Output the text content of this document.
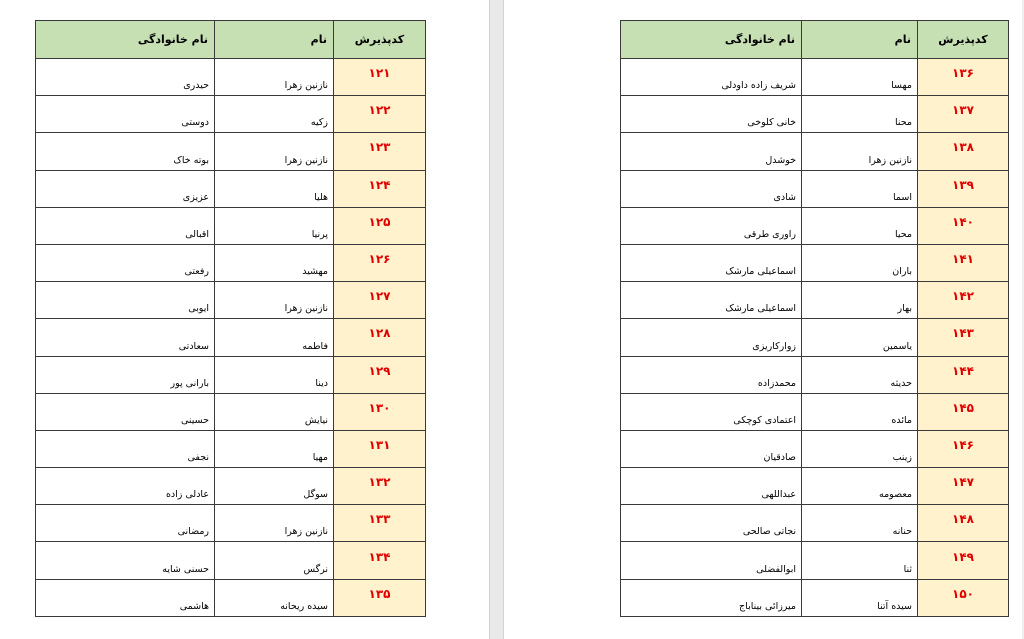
کدپذیرش	نام	نام خانوادگی
۱۲۱	نازنین زهرا	حیدری
۱۲۲	زکیه	دوستی
۱۲۳	نازنین زهرا	بوته خاک
۱۲۴	هلیا	عزیزی
۱۲۵	پرنیا	اقبالی
۱۲۶	مهشید	رفعتی
۱۲۷	نازنین زهرا	ایوبی
۱۲۸	فاطمه	سعادتی
۱۲۹	دینا	بارانی پور
۱۳۰	نیایش	حسینی
۱۳۱	مهیا	نجفی
۱۳۲	سوگل	عادلی زاده
۱۳۳	نازنین زهرا	رمضانی
۱۳۴	نرگس	حسنی شایه
۱۳۵	سیده ریحانه	هاشمی
کدپذیرش	نام	نام خانوادگی
۱۳۶	مهسا	شریف زاده داودلی
۱۳۷	محنا	خانی کلوخی
۱۳۸	نازنین زهرا	خوشدل
۱۳۹	اسما	شادی
۱۴۰	محیا	راوری طرقی
۱۴۱	باران	اسماعیلی مارشک
۱۴۲	بهار	اسماعیلی مارشک
۱۴۳	یاسمین	زوارکاریزی
۱۴۴	حدیثه	محمدزاده
۱۴۵	مائده	اعتمادی کوچکی
۱۴۶	زینب	صادقیان
۱۴۷	معصومه	عبداللهی
۱۴۸	حنانه	نجاتی صالحی
۱۴۹	ثنا	ابوالفضلی
۱۵۰	سیده آتنا	میرزائی بیناباج
